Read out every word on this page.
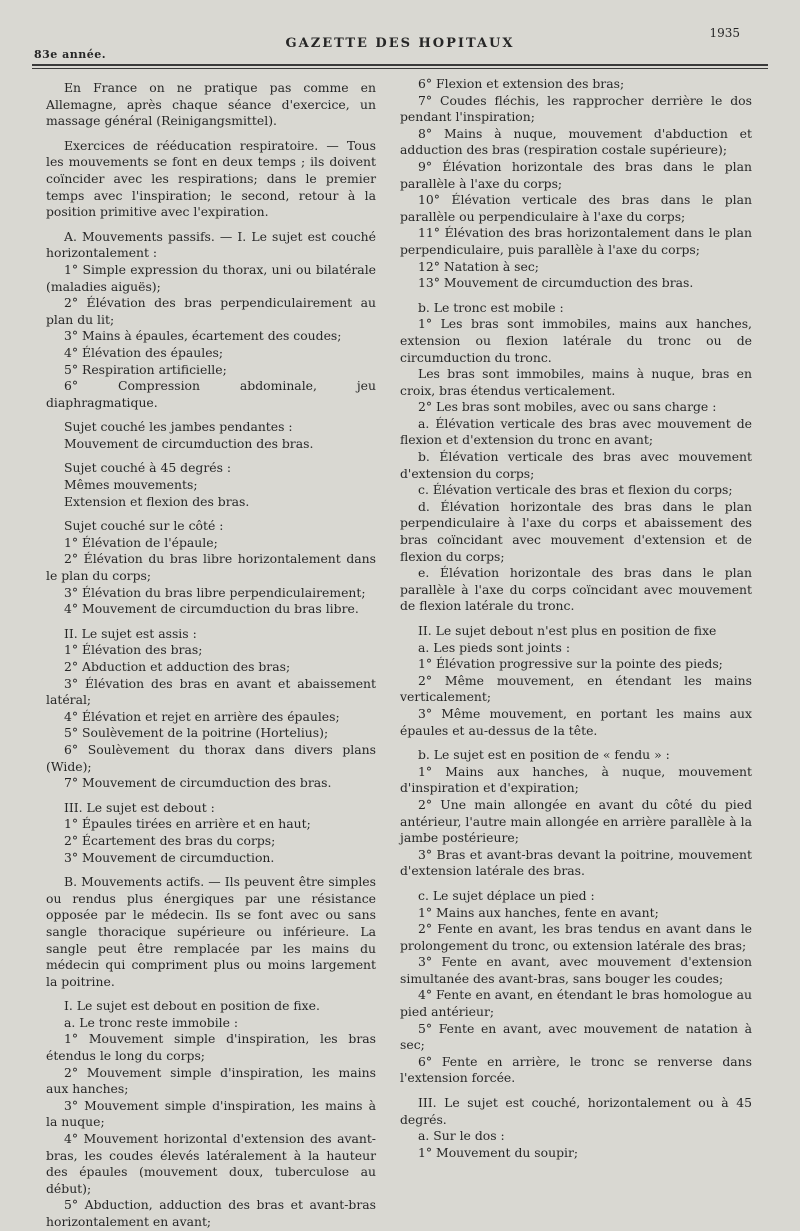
83e année.
GAZETTE DES HOPITAUX
1935

En France on ne pratique pas comme en Allemagne, après chaque séance d'exercice, un massage général (Reinigangsmittel).

Exercices de rééducation respiratoire. — Tous les mouvements se font en deux temps ; ils doivent coïncider avec les respirations; dans le premier temps avec l'inspiration; le second, retour à la position primitive avec l'expiration.

A. Mouvements passifs. — I. Le sujet est couché horizontalement :

1° Simple expression du thorax, uni ou bilatérale (maladies aiguës);

2° Élévation des bras perpendiculairement au plan du lit;

3° Mains à épaules, écartement des coudes;

4° Élévation des épaules;

5° Respiration artificielle;

6° Compression abdominale, jeu diaphragmatique.

Sujet couché les jambes pendantes :

Mouvement de circumduction des bras.

Sujet couché à 45 degrés :

Mêmes mouvements;

Extension et flexion des bras.

Sujet couché sur le côté :

1° Élévation de l'épaule;

2° Élévation du bras libre horizontalement dans le plan du corps;

3° Élévation du bras libre perpendiculairement;

4° Mouvement de circumduction du bras libre.

II. Le sujet est assis :

1° Élévation des bras;

2° Abduction et adduction des bras;

3° Élévation des bras en avant et abaissement latéral;

4° Élévation et rejet en arrière des épaules;

5° Soulèvement de la poitrine (Hortelius);

6° Soulèvement du thorax dans divers plans (Wide);

7° Mouvement de circumduction des bras.

III. Le sujet est debout :

1° Épaules tirées en arrière et en haut;

2° Écartement des bras du corps;

3° Mouvement de circumduction.

B. Mouvements actifs. — Ils peuvent être simples ou rendus plus énergiques par une résistance opposée par le médecin. Ils se font avec ou sans sangle thoracique supérieure ou inférieure. La sangle peut être remplacée par les mains du médecin qui compriment plus ou moins largement la poitrine.

I. Le sujet est debout en position de fixe.

a. Le tronc reste immobile :

1° Mouvement simple d'inspiration, les bras étendus le long du corps;

2° Mouvement simple d'inspiration, les mains aux hanches;

3° Mouvement simple d'inspiration, les mains à la nuque;

4° Mouvement horizontal d'extension des avant-bras, les coudes élevés latéralement à la hauteur des épaules (mouvement doux, tuberculose au début);

5° Abduction, adduction des bras et avant-bras horizontalement en avant;

6° Flexion et extension des bras;

7° Coudes fléchis, les rapprocher derrière le dos pendant l'inspiration;

8° Mains à nuque, mouvement d'abduction et adduction des bras (respiration costale supérieure);

9° Élévation horizontale des bras dans le plan parallèle à l'axe du corps;

10° Élévation verticale des bras dans le plan parallèle ou perpendiculaire à l'axe du corps;

11° Élévation des bras horizontalement dans le plan perpendiculaire, puis parallèle à l'axe du corps;

12° Natation à sec;

13° Mouvement de circumduction des bras.

b. Le tronc est mobile :

1° Les bras sont immobiles, mains aux hanches, extension ou flexion latérale du tronc ou de circumduction du tronc.

Les bras sont immobiles, mains à nuque, bras en croix, bras étendus verticalement.

2° Les bras sont mobiles, avec ou sans charge :

a. Élévation verticale des bras avec mouvement de flexion et d'extension du tronc en avant;

b. Élévation verticale des bras avec mouvement d'extension du corps;

c. Élévation verticale des bras et flexion du corps;

d. Élévation horizontale des bras dans le plan perpendiculaire à l'axe du corps et abaissement des bras coïncidant avec mouvement d'extension et de flexion du corps;

e. Élévation horizontale des bras dans le plan parallèle à l'axe du corps coïncidant avec mouvement de flexion latérale du tronc.

II. Le sujet debout n'est plus en position de fixe

a. Les pieds sont joints :

1° Élévation progressive sur la pointe des pieds;

2° Même mouvement, en étendant les mains verticalement;

3° Même mouvement, en portant les mains aux épaules et au-dessus de la tête.

b. Le sujet est en position de « fendu » :

1° Mains aux hanches, à nuque, mouvement d'inspiration et d'expiration;

2° Une main allongée en avant du côté du pied antérieur, l'autre main allongée en arrière parallèle à la jambe postérieure;

3° Bras et avant-bras devant la poitrine, mouvement d'extension latérale des bras.

c. Le sujet déplace un pied :

1° Mains aux hanches, fente en avant;

2° Fente en avant, les bras tendus en avant dans le prolongement du tronc, ou extension latérale des bras;

3° Fente en avant, avec mouvement d'extension simultanée des avant-bras, sans bouger les coudes;

4° Fente en avant, en étendant le bras homologue au pied antérieur;

5° Fente en avant, avec mouvement de natation à sec;

6° Fente en arrière, le tronc se renverse dans l'extension forcée.

III. Le sujet est couché, horizontalement ou à 45 degrés.

a. Sur le dos :

1° Mouvement du soupir;
